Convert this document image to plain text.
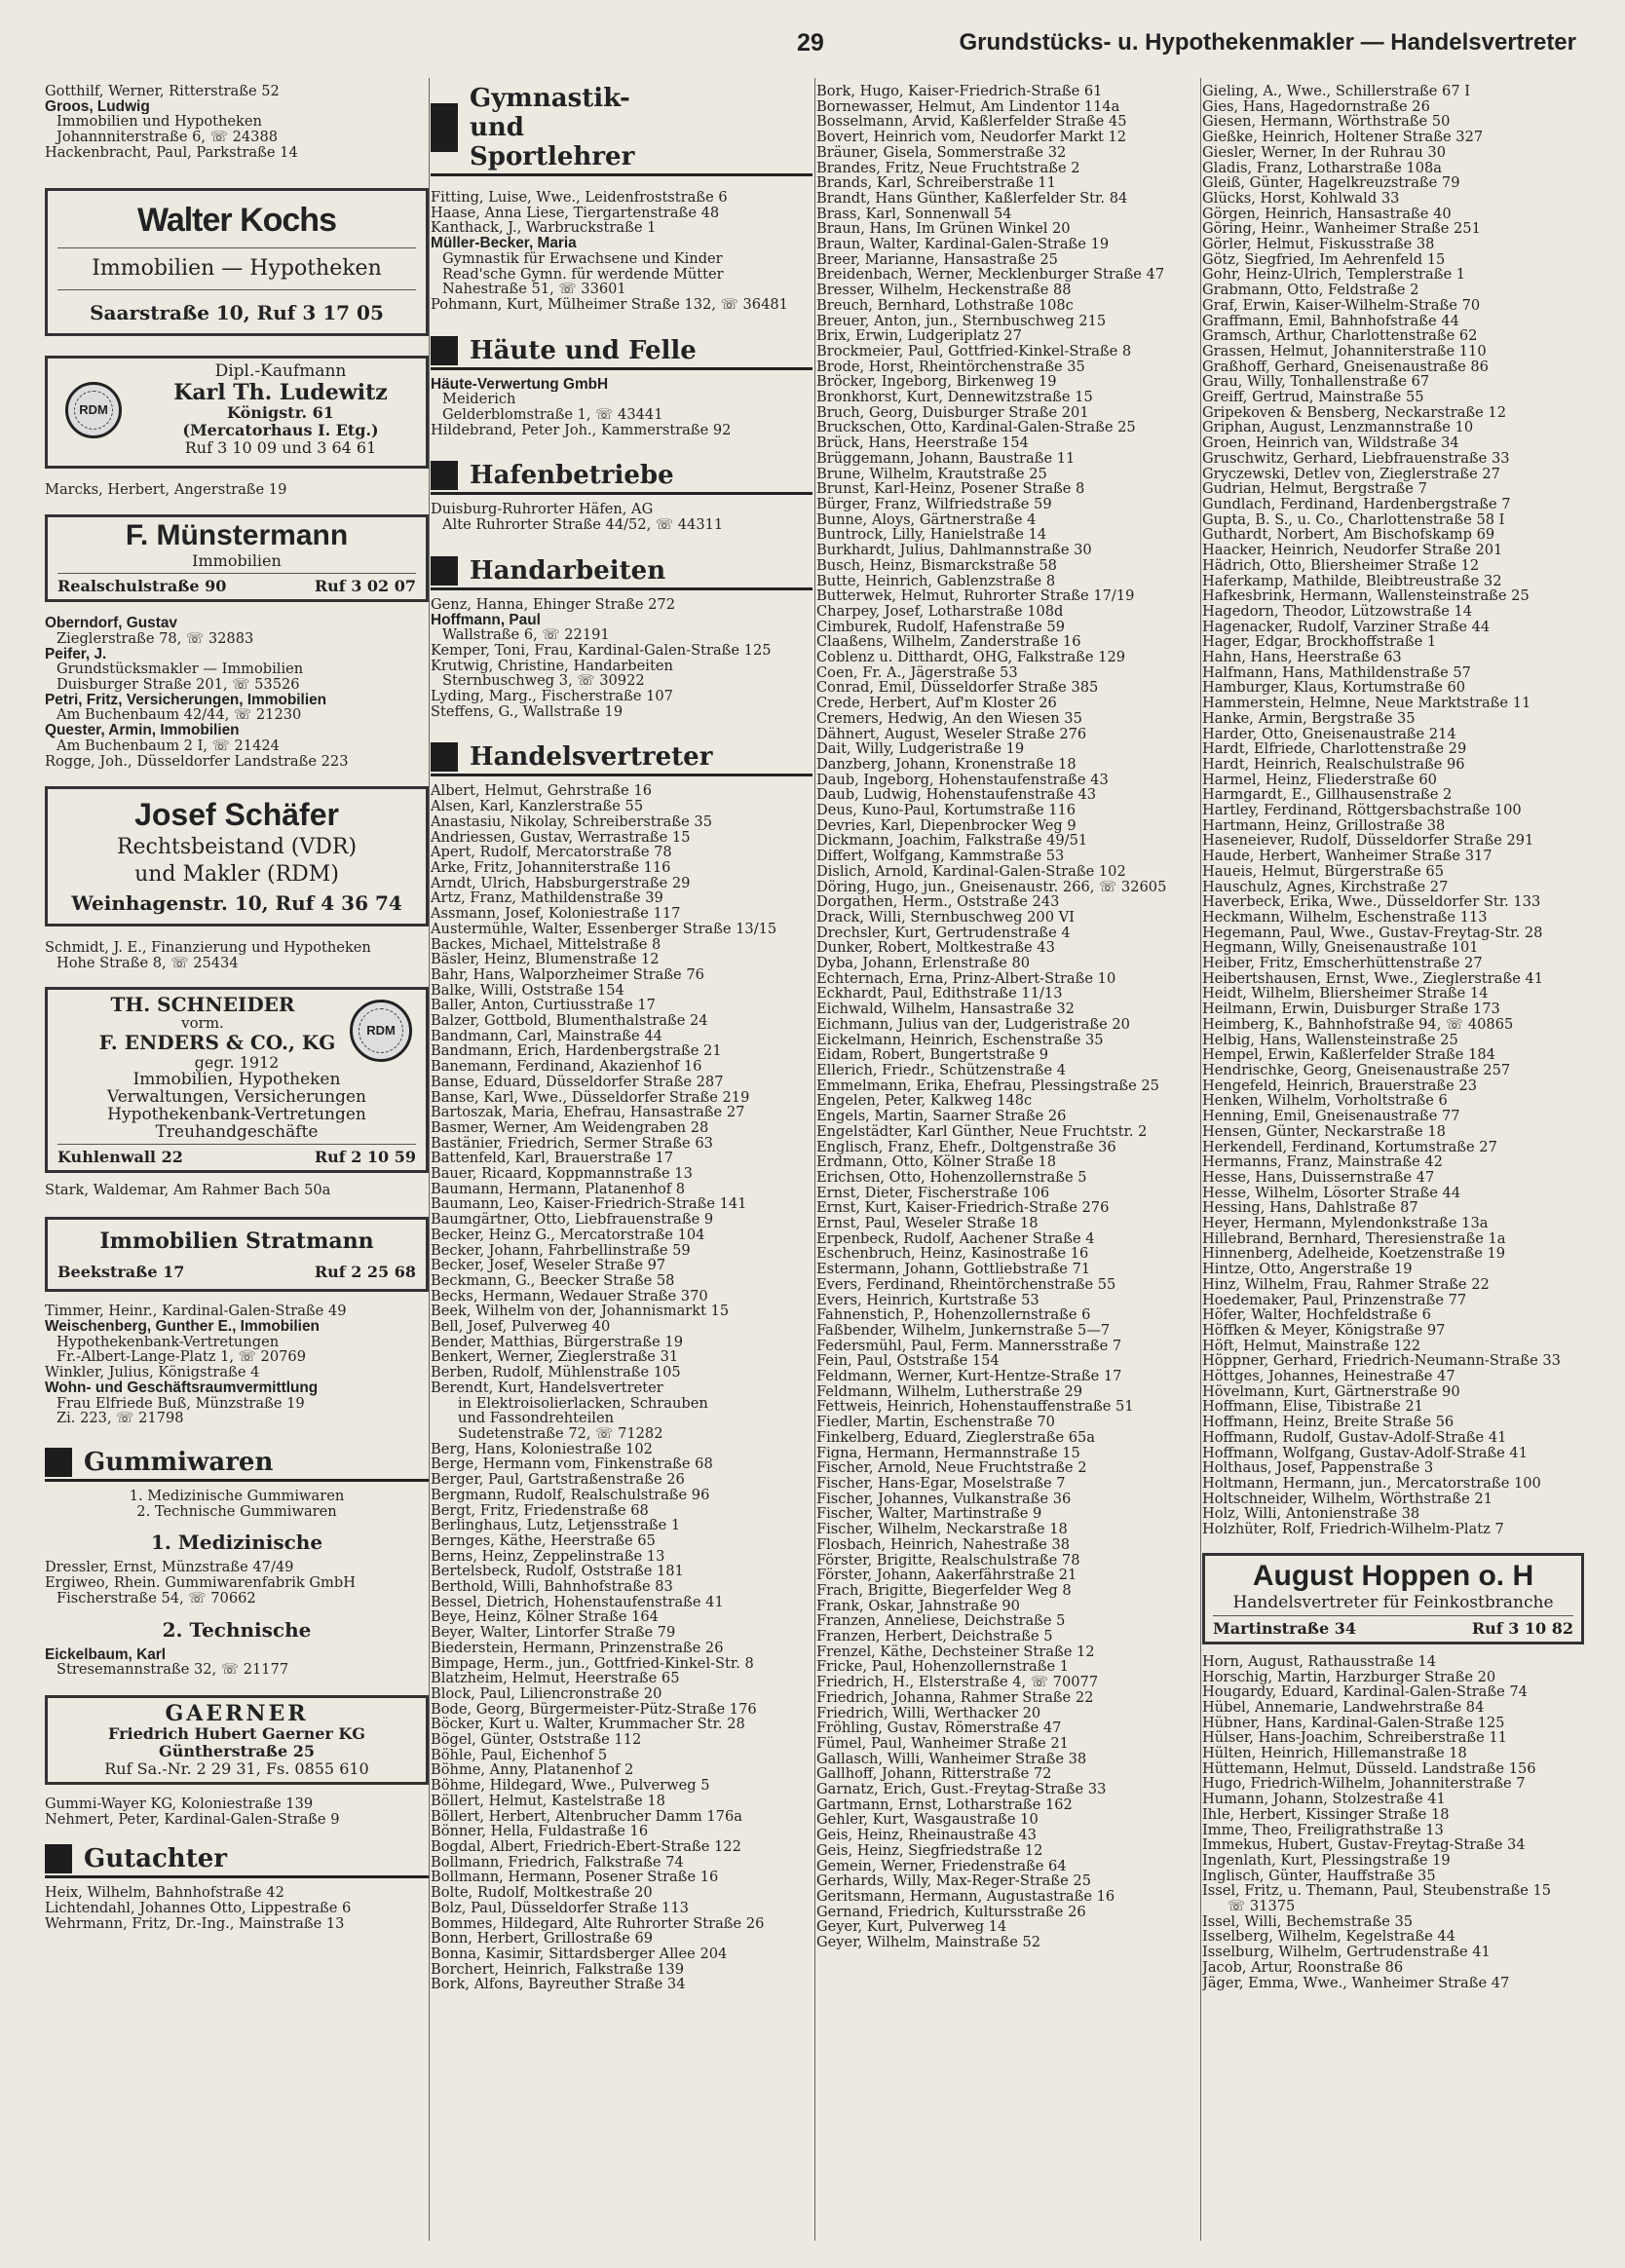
29	Grundstücks- u. Hypothekenmakler — Handelsvertreter
Gotthilf, Werner, Ritterstraße 52
Groos, Ludwig
Immobilien und Hypotheken
Johannniterstraße 6, ☏ 24388
Hackenbracht, Paul, Parkstraße 14
Walter Kochs
Immobilien — Hypotheken
Saarstraße 10, Ruf 3 17 05
RDM
Dipl.-Kaufmann
Karl Th. Ludewitz
Königstr. 61
(Mercatorhaus I. Etg.)
Ruf 3 10 09 und 3 64 61
Marcks, Herbert, Angerstraße 19
F. Münstermann
Immobilien
Realschulstraße 90	Ruf 3 02 07
Oberndorf, Gustav
Zieglerstraße 78, ☏ 32883
Peifer, J.
Grundstücksmakler — Immobilien
Duisburger Straße 201, ☏ 53526
Petri, Fritz, Versicherungen, Immobilien
Am Buchenbaum 42/44, ☏ 21230
Quester, Armin, Immobilien
Am Buchenbaum 2 I, ☏ 21424
Rogge, Joh., Düsseldorfer Landstraße 223
Josef Schäfer
Rechtsbeistand (VDR)
und Makler (RDM)
Weinhagenstr. 10, Ruf 4 36 74
Schmidt, J. E., Finanzierung und Hypotheken
Hohe Straße 8, ☏ 25434
RDM
TH. SCHNEIDER
vorm.
F. ENDERS & CO., KG
gegr. 1912
Immobilien, Hypotheken
Verwaltungen, Versicherungen
Hypothekenbank-Vertretungen
Treuhandgeschäfte
Kuhlenwall 22	Ruf 2 10 59
Stark, Waldemar, Am Rahmer Bach 50a
Immobilien Stratmann
Beekstraße 17	Ruf 2 25 68
Timmer, Heinr., Kardinal-Galen-Straße 49
Weischenberg, Gunther E., Immobilien
Hypothekenbank-Vertretungen
Fr.-Albert-Lange-Platz 1, ☏ 20769
Winkler, Julius, Königstraße 4
Wohn- und Geschäftsraumvermittlung
Frau Elfriede Buß, Münzstraße 19
Zi. 223, ☏ 21798
Gummiwaren
1. Medizinische Gummiwaren
2. Technische Gummiwaren
1. Medizinische
Dressler, Ernst, Münzstraße 47/49
Ergiweo, Rhein. Gummiwarenfabrik GmbH
Fischerstraße 54, ☏ 70662
2. Technische
Eickelbaum, Karl
Stresemannstraße 32, ☏ 21177
GAERNER
Friedrich Hubert Gaerner KG
Güntherstraße 25
Ruf Sa.-Nr. 2 29 31, Fs. 0855 610
Gummi-Wayer KG, Koloniestraße 139
Nehmert, Peter, Kardinal-Galen-Straße 9
Gutachter
Heix, Wilhelm, Bahnhofstraße 42
Lichtendahl, Johannes Otto, Lippestraße 6
Wehrmann, Fritz, Dr.-Ing., Mainstraße 13
Gymnastik- und Sportlehrer
Fitting, Luise, Wwe., Leidenfroststraße 6
Haase, Anna Liese, Tiergartenstraße 48
Kanthack, J., Warbruckstraße 1
Müller-Becker, Maria
Gymnastik für Erwachsene und Kinder
Read'sche Gymn. für werdende Mütter
Nahestraße 51, ☏ 33601
Pohmann, Kurt, Mülheimer Straße 132, ☏ 36481
Häute und Felle
Häute-Verwertung GmbH
Meiderich
Gelderblomstraße 1, ☏ 43441
Hildebrand, Peter Joh., Kammerstraße 92
Hafenbetriebe
Duisburg-Ruhrorter Häfen, AG
Alte Ruhrorter Straße 44/52, ☏ 44311
Handarbeiten
Genz, Hanna, Ehinger Straße 272
Hoffmann, Paul
Wallstraße 6, ☏ 22191
Kemper, Toni, Frau, Kardinal-Galen-Straße 125
Krutwig, Christine, Handarbeiten
Sternbuschweg 3, ☏ 30922
Lyding, Marg., Fischerstraße 107
Steffens, G., Wallstraße 19
Handelsvertreter
Albert, Helmut, Gehrstraße 16
Alsen, Karl, Kanzlerstraße 55
Anastasiu, Nikolay, Schreiberstraße 35
Andriessen, Gustav, Werrastraße 15
Apert, Rudolf, Mercatorstraße 78
Arke, Fritz, Johanniterstraße 116
Arndt, Ulrich, Habsburgerstraße 29
Artz, Franz, Mathildenstraße 39
Assmann, Josef, Koloniestraße 117
Austermühle, Walter, Essenberger Straße 13/15
Backes, Michael, Mittelstraße 8
Bäsler, Heinz, Blumenstraße 12
Bahr, Hans, Walporzheimer Straße 76
Balke, Willi, Oststraße 154
Baller, Anton, Curtiusstraße 17
Balzer, Gottbold, Blumenthalstraße 24
Bandmann, Carl, Mainstraße 44
Bandmann, Erich, Hardenbergstraße 21
Banemann, Ferdinand, Akazienhof 16
Banse, Eduard, Düsseldorfer Straße 287
Banse, Karl, Wwe., Düsseldorfer Straße 219
Bartoszak, Maria, Ehefrau, Hansastraße 27
Basmer, Werner, Am Weidengraben 28
Bastänier, Friedrich, Sermer Straße 63
Battenfeld, Karl, Brauerstraße 17
Bauer, Ricaard, Koppmannstraße 13
Baumann, Hermann, Platanenhof 8
Baumann, Leo, Kaiser-Friedrich-Straße 141
Baumgärtner, Otto, Liebfrauenstraße 9
Becker, Heinz G., Mercatorstraße 104
Becker, Johann, Fahrbellinstraße 59
Becker, Josef, Weseler Straße 97
Beckmann, G., Beecker Straße 58
Becks, Hermann, Wedauer Straße 370
Beek, Wilhelm von der, Johannismarkt 15
Bell, Josef, Pulverweg 40
Bender, Matthias, Bürgerstraße 19
Benkert, Werner, Zieglerstraße 31
Berben, Rudolf, Mühlenstraße 105
Berendt, Kurt, Handelsvertreter
in Elektroisolierlacken, Schrauben
und Fassondrehteilen
Sudetenstraße 72, ☏ 71282
Berg, Hans, Koloniestraße 102
Berge, Hermann vom, Finkenstraße 68
Berger, Paul, Gartstraßenstraße 26
Bergmann, Rudolf, Realschulstraße 96
Bergt, Fritz, Friedenstraße 68
Berlinghaus, Lutz, Letjensstraße 1
Bernges, Käthe, Heerstraße 65
Berns, Heinz, Zeppelinstraße 13
Bertelsbeck, Rudolf, Oststraße 181
Berthold, Willi, Bahnhofstraße 83
Bessel, Dietrich, Hohenstaufenstraße 41
Beye, Heinz, Kölner Straße 164
Beyer, Walter, Lintorfer Straße 79
Biederstein, Hermann, Prinzenstraße 26
Bimpage, Herm., jun., Gottfried-Kinkel-Str. 8
Blatzheim, Helmut, Heerstraße 65
Block, Paul, Liliencronstraße 20
Bode, Georg, Bürgermeister-Pütz-Straße 176
Böcker, Kurt u. Walter, Krummacher Str. 28
Bögel, Günter, Oststraße 112
Böhle, Paul, Eichenhof 5
Böhme, Anny, Platanenhof 2
Böhme, Hildegard, Wwe., Pulverweg 5
Böllert, Helmut, Kastelstraße 18
Böllert, Herbert, Altenbrucher Damm 176a
Bönner, Hella, Fuldastraße 16
Bogdal, Albert, Friedrich-Ebert-Straße 122
Bollmann, Friedrich, Falkstraße 74
Bollmann, Hermann, Posener Straße 16
Bolte, Rudolf, Moltkestraße 20
Bolz, Paul, Düsseldorfer Straße 113
Bommes, Hildegard, Alte Ruhrorter Straße 26
Bonn, Herbert, Grillostraße 69
Bonna, Kasimir, Sittardsberger Allee 204
Borchert, Heinrich, Falkstraße 139
Bork, Alfons, Bayreuther Straße 34
Bork, Hugo, Kaiser-Friedrich-Straße 61
Bornewasser, Helmut, Am Lindentor 114a
Bosselmann, Arvid, Kaßlerfelder Straße 45
Bovert, Heinrich vom, Neudorfer Markt 12
Bräuner, Gisela, Sommerstraße 32
Brandes, Fritz, Neue Fruchtstraße 2
Brands, Karl, Schreiberstraße 11
Brandt, Hans Günther, Kaßlerfelder Str. 84
Brass, Karl, Sonnenwall 54
Braun, Hans, Im Grünen Winkel 20
Braun, Walter, Kardinal-Galen-Straße 19
Breer, Marianne, Hansastraße 25
Breidenbach, Werner, Mecklenburger Straße 47
Bresser, Wilhelm, Heckenstraße 88
Breuch, Bernhard, Lothstraße 108c
Breuer, Anton, jun., Sternbuschweg 215
Brix, Erwin, Ludgeriplatz 27
Brockmeier, Paul, Gottfried-Kinkel-Straße 8
Brode, Horst, Rheintörchenstraße 35
Bröcker, Ingeborg, Birkenweg 19
Bronkhorst, Kurt, Dennewitzstraße 15
Bruch, Georg, Duisburger Straße 201
Bruckschen, Otto, Kardinal-Galen-Straße 25
Brück, Hans, Heerstraße 154
Brüggemann, Johann, Baustraße 11
Brune, Wilhelm, Krautstraße 25
Brunst, Karl-Heinz, Posener Straße 8
Bürger, Franz, Wilfriedstraße 59
Bunne, Aloys, Gärtnerstraße 4
Buntrock, Lilly, Hanielstraße 14
Burkhardt, Julius, Dahlmannstraße 30
Busch, Heinz, Bismarckstraße 58
Butte, Heinrich, Gablenzstraße 8
Butterwek, Helmut, Ruhrorter Straße 17/19
Charpey, Josef, Lotharstraße 108d
Cimburek, Rudolf, Hafenstraße 59
Claaßens, Wilhelm, Zanderstraße 16
Coblenz u. Ditthardt, OHG, Falkstraße 129
Coen, Fr. A., Jägerstraße 53
Conrad, Emil, Düsseldorfer Straße 385
Crede, Herbert, Auf'm Kloster 26
Cremers, Hedwig, An den Wiesen 35
Dähnert, August, Weseler Straße 276
Dait, Willy, Ludgeristraße 19
Danzberg, Johann, Kronenstraße 18
Daub, Ingeborg, Hohenstaufenstraße 43
Daub, Ludwig, Hohenstaufenstraße 43
Deus, Kuno-Paul, Kortumstraße 116
Devries, Karl, Diepenbrocker Weg 9
Dickmann, Joachim, Falkstraße 49/51
Differt, Wolfgang, Kammstraße 53
Dislich, Arnold, Kardinal-Galen-Straße 102
Döring, Hugo, jun., Gneisenaustr. 266, ☏ 32605
Dorgathen, Herm., Oststraße 243
Drack, Willi, Sternbuschweg 200 VI
Drechsler, Kurt, Gertrudenstraße 4
Dunker, Robert, Moltkestraße 43
Dyba, Johann, Erlenstraße 80
Echternach, Erna, Prinz-Albert-Straße 10
Eckhardt, Paul, Edithstraße 11/13
Eichwald, Wilhelm, Hansastraße 32
Eichmann, Julius van der, Ludgeristraße 20
Eickelmann, Heinrich, Eschenstraße 35
Eidam, Robert, Bungertstraße 9
Ellerich, Friedr., Schützenstraße 4
Emmelmann, Erika, Ehefrau, Plessingstraße 25
Engelen, Peter, Kalkweg 148c
Engels, Martin, Saarner Straße 26
Engelstädter, Karl Günther, Neue Fruchtstr. 2
Englisch, Franz, Ehefr., Doltgenstraße 36
Erdmann, Otto, Kölner Straße 18
Erichsen, Otto, Hohenzollernstraße 5
Ernst, Dieter, Fischerstraße 106
Ernst, Kurt, Kaiser-Friedrich-Straße 276
Ernst, Paul, Weseler Straße 18
Erpenbeck, Rudolf, Aachener Straße 4
Eschenbruch, Heinz, Kasinostraße 16
Estermann, Johann, Gottliebstraße 71
Evers, Ferdinand, Rheintörchenstraße 55
Evers, Heinrich, Kurtstraße 53
Fahnenstich, P., Hohenzollernstraße 6
Faßbender, Wilhelm, Junkernstraße 5—7
Federsmühl, Paul, Ferm. Mannersstraße 7
Fein, Paul, Oststraße 154
Feldmann, Werner, Kurt-Hentze-Straße 17
Feldmann, Wilhelm, Lutherstraße 29
Fettweis, Heinrich, Hohenstauffenstraße 51
Fiedler, Martin, Eschenstraße 70
Finkelberg, Eduard, Zieglerstraße 65a
Figna, Hermann, Hermannstraße 15
Fischer, Arnold, Neue Fruchtstraße 2
Fischer, Hans-Egar, Moselstraße 7
Fischer, Johannes, Vulkanstraße 36
Fischer, Walter, Martinstraße 9
Fischer, Wilhelm, Neckarstraße 18
Flosbach, Heinrich, Nahestraße 38
Förster, Brigitte, Realschulstraße 78
Förster, Johann, Aakerfährstraße 21
Frach, Brigitte, Biegerfelder Weg 8
Frank, Oskar, Jahnstraße 90
Franzen, Anneliese, Deichstraße 5
Franzen, Herbert, Deichstraße 5
Frenzel, Käthe, Dechsteiner Straße 12
Fricke, Paul, Hohenzollernstraße 1
Friedrich, H., Elsterstraße 4, ☏ 70077
Friedrich, Johanna, Rahmer Straße 22
Friedrich, Willi, Werthacker 20
Fröhling, Gustav, Römerstraße 47
Fümel, Paul, Wanheimer Straße 21
Gallasch, Willi, Wanheimer Straße 38
Gallhoff, Johann, Ritterstraße 72
Garnatz, Erich, Gust.-Freytag-Straße 33
Gartmann, Ernst, Lotharstraße 162
Gehler, Kurt, Wasgaustraße 10
Geis, Heinz, Rheinaustraße 43
Geis, Heinz, Siegfriedstraße 12
Gemein, Werner, Friedenstraße 64
Gerhards, Willy, Max-Reger-Straße 25
Geritsmann, Hermann, Augustastraße 16
Gernand, Friedrich, Kultursstraße 26
Geyer, Kurt, Pulverweg 14
Geyer, Wilhelm, Mainstraße 52
Gieling, A., Wwe., Schillerstraße 67 I
Gies, Hans, Hagedornstraße 26
Giesen, Hermann, Wörthstraße 50
Gießke, Heinrich, Holtener Straße 327
Giesler, Werner, In der Ruhrau 30
Gladis, Franz, Lotharstraße 108a
Gleiß, Günter, Hagelkreuzstraße 79
Glücks, Horst, Kohlwald 33
Görgen, Heinrich, Hansastraße 40
Göring, Heinr., Wanheimer Straße 251
Görler, Helmut, Fiskusstraße 38
Götz, Siegfried, Im Aehrenfeld 15
Gohr, Heinz-Ulrich, Templerstraße 1
Grabmann, Otto, Feldstraße 2
Graf, Erwin, Kaiser-Wilhelm-Straße 70
Graffmann, Emil, Bahnhofstraße 44
Gramsch, Arthur, Charlottenstraße 62
Grassen, Helmut, Johanniterstraße 110
Graßhoff, Gerhard, Gneisenaustraße 86
Grau, Willy, Tonhallenstraße 67
Greiff, Gertrud, Mainstraße 55
Gripekoven & Bensberg, Neckarstraße 12
Griphan, August, Lenzmannstraße 10
Groen, Heinrich van, Wildstraße 34
Gruschwitz, Gerhard, Liebfrauenstraße 33
Gryczewski, Detlev von, Zieglerstraße 27
Gudrian, Helmut, Bergstraße 7
Gundlach, Ferdinand, Hardenbergstraße 7
Gupta, B. S., u. Co., Charlottenstraße 58 I
Guthardt, Norbert, Am Bischofskamp 69
Haacker, Heinrich, Neudorfer Straße 201
Hädrich, Otto, Bliersheimer Straße 12
Haferkamp, Mathilde, Bleibtreustraße 32
Hafkesbrink, Hermann, Wallensteinstraße 25
Hagedorn, Theodor, Lützowstraße 14
Hagenacker, Rudolf, Varziner Straße 44
Hager, Edgar, Brockhoffstraße 1
Hahn, Hans, Heerstraße 63
Halfmann, Hans, Mathildenstraße 57
Hamburger, Klaus, Kortumstraße 60
Hammerstein, Helmne, Neue Marktstraße 11
Hanke, Armin, Bergstraße 35
Harder, Otto, Gneisenaustraße 214
Hardt, Elfriede, Charlottenstraße 29
Hardt, Heinrich, Realschulstraße 96
Harmel, Heinz, Fliederstraße 60
Harmgardt, E., Gillhausenstraße 2
Hartley, Ferdinand, Röttgersbachstraße 100
Hartmann, Heinz, Grillostraße 38
Haseneiever, Rudolf, Düsseldorfer Straße 291
Haude, Herbert, Wanheimer Straße 317
Haueis, Helmut, Bürgerstraße 65
Hauschulz, Agnes, Kirchstraße 27
Haverbeck, Erika, Wwe., Düsseldorfer Str. 133
Heckmann, Wilhelm, Eschenstraße 113
Hegemann, Paul, Wwe., Gustav-Freytag-Str. 28
Hegmann, Willy, Gneisenaustraße 101
Heiber, Fritz, Emscherhüttenstraße 27
Heibertshausen, Ernst, Wwe., Zieglerstraße 41
Heidt, Wilhelm, Bliersheimer Straße 14
Heilmann, Erwin, Duisburger Straße 173
Heimberg, K., Bahnhofstraße 94, ☏ 40865
Helbig, Hans, Wallensteinstraße 25
Hempel, Erwin, Kaßlerfelder Straße 184
Hendrischke, Georg, Gneisenaustraße 257
Hengefeld, Heinrich, Brauerstraße 23
Henken, Wilhelm, Vorholtstraße 6
Henning, Emil, Gneisenaustraße 77
Hensen, Günter, Neckarstraße 18
Herkendell, Ferdinand, Kortumstraße 27
Hermanns, Franz, Mainstraße 42
Hesse, Hans, Duissernstraße 47
Hesse, Wilhelm, Lösorter Straße 44
Hessing, Hans, Dahlstraße 87
Heyer, Hermann, Mylendonkstraße 13a
Hillebrand, Bernhard, Theresienstraße 1a
Hinnenberg, Adelheide, Koetzenstraße 19
Hintze, Otto, Angerstraße 19
Hinz, Wilhelm, Frau, Rahmer Straße 22
Hoedemaker, Paul, Prinzenstraße 77
Höfer, Walter, Hochfeldstraße 6
Höffken & Meyer, Königstraße 97
Höft, Helmut, Mainstraße 122
Höppner, Gerhard, Friedrich-Neumann-Straße 33
Höttges, Johannes, Heinestraße 47
Hövelmann, Kurt, Gärtnerstraße 90
Hoffmann, Elise, Tibistraße 21
Hoffmann, Heinz, Breite Straße 56
Hoffmann, Rudolf, Gustav-Adolf-Straße 41
Hoffmann, Wolfgang, Gustav-Adolf-Straße 41
Holthaus, Josef, Pappenstraße 3
Holtmann, Hermann, jun., Mercatorstraße 100
Holtschneider, Wilhelm, Wörthstraße 21
Holz, Willi, Antonienstraße 38
Holzhüter, Rolf, Friedrich-Wilhelm-Platz 7
August Hoppen o. H
Handelsvertreter für Feinkostbranche
Martinstraße 34	Ruf 3 10 82
Horn, August, Rathausstraße 14
Horschig, Martin, Harzburger Straße 20
Hougardy, Eduard, Kardinal-Galen-Straße 74
Hübel, Annemarie, Landwehrstraße 84
Hübner, Hans, Kardinal-Galen-Straße 125
Hülser, Hans-Joachim, Schreiberstraße 11
Hülten, Heinrich, Hillemanstraße 18
Hüttemann, Helmut, Düsseld. Landstraße 156
Hugo, Friedrich-Wilhelm, Johanniterstraße 7
Humann, Johann, Stolzestraße 41
Ihle, Herbert, Kissinger Straße 18
Imme, Theo, Freiligrathstraße 13
Immekus, Hubert, Gustav-Freytag-Straße 34
Ingenlath, Kurt, Plessingstraße 19
Inglisch, Günter, Hauffstraße 35
Issel, Fritz, u. Themann, Paul, Steubenstraße 15
☏ 31375
Issel, Willi, Bechemstraße 35
Isselberg, Wilhelm, Kegelstraße 44
Isselburg, Wilhelm, Gertrudenstraße 41
Jacob, Artur, Roonstraße 86
Jäger, Emma, Wwe., Wanheimer Straße 47
